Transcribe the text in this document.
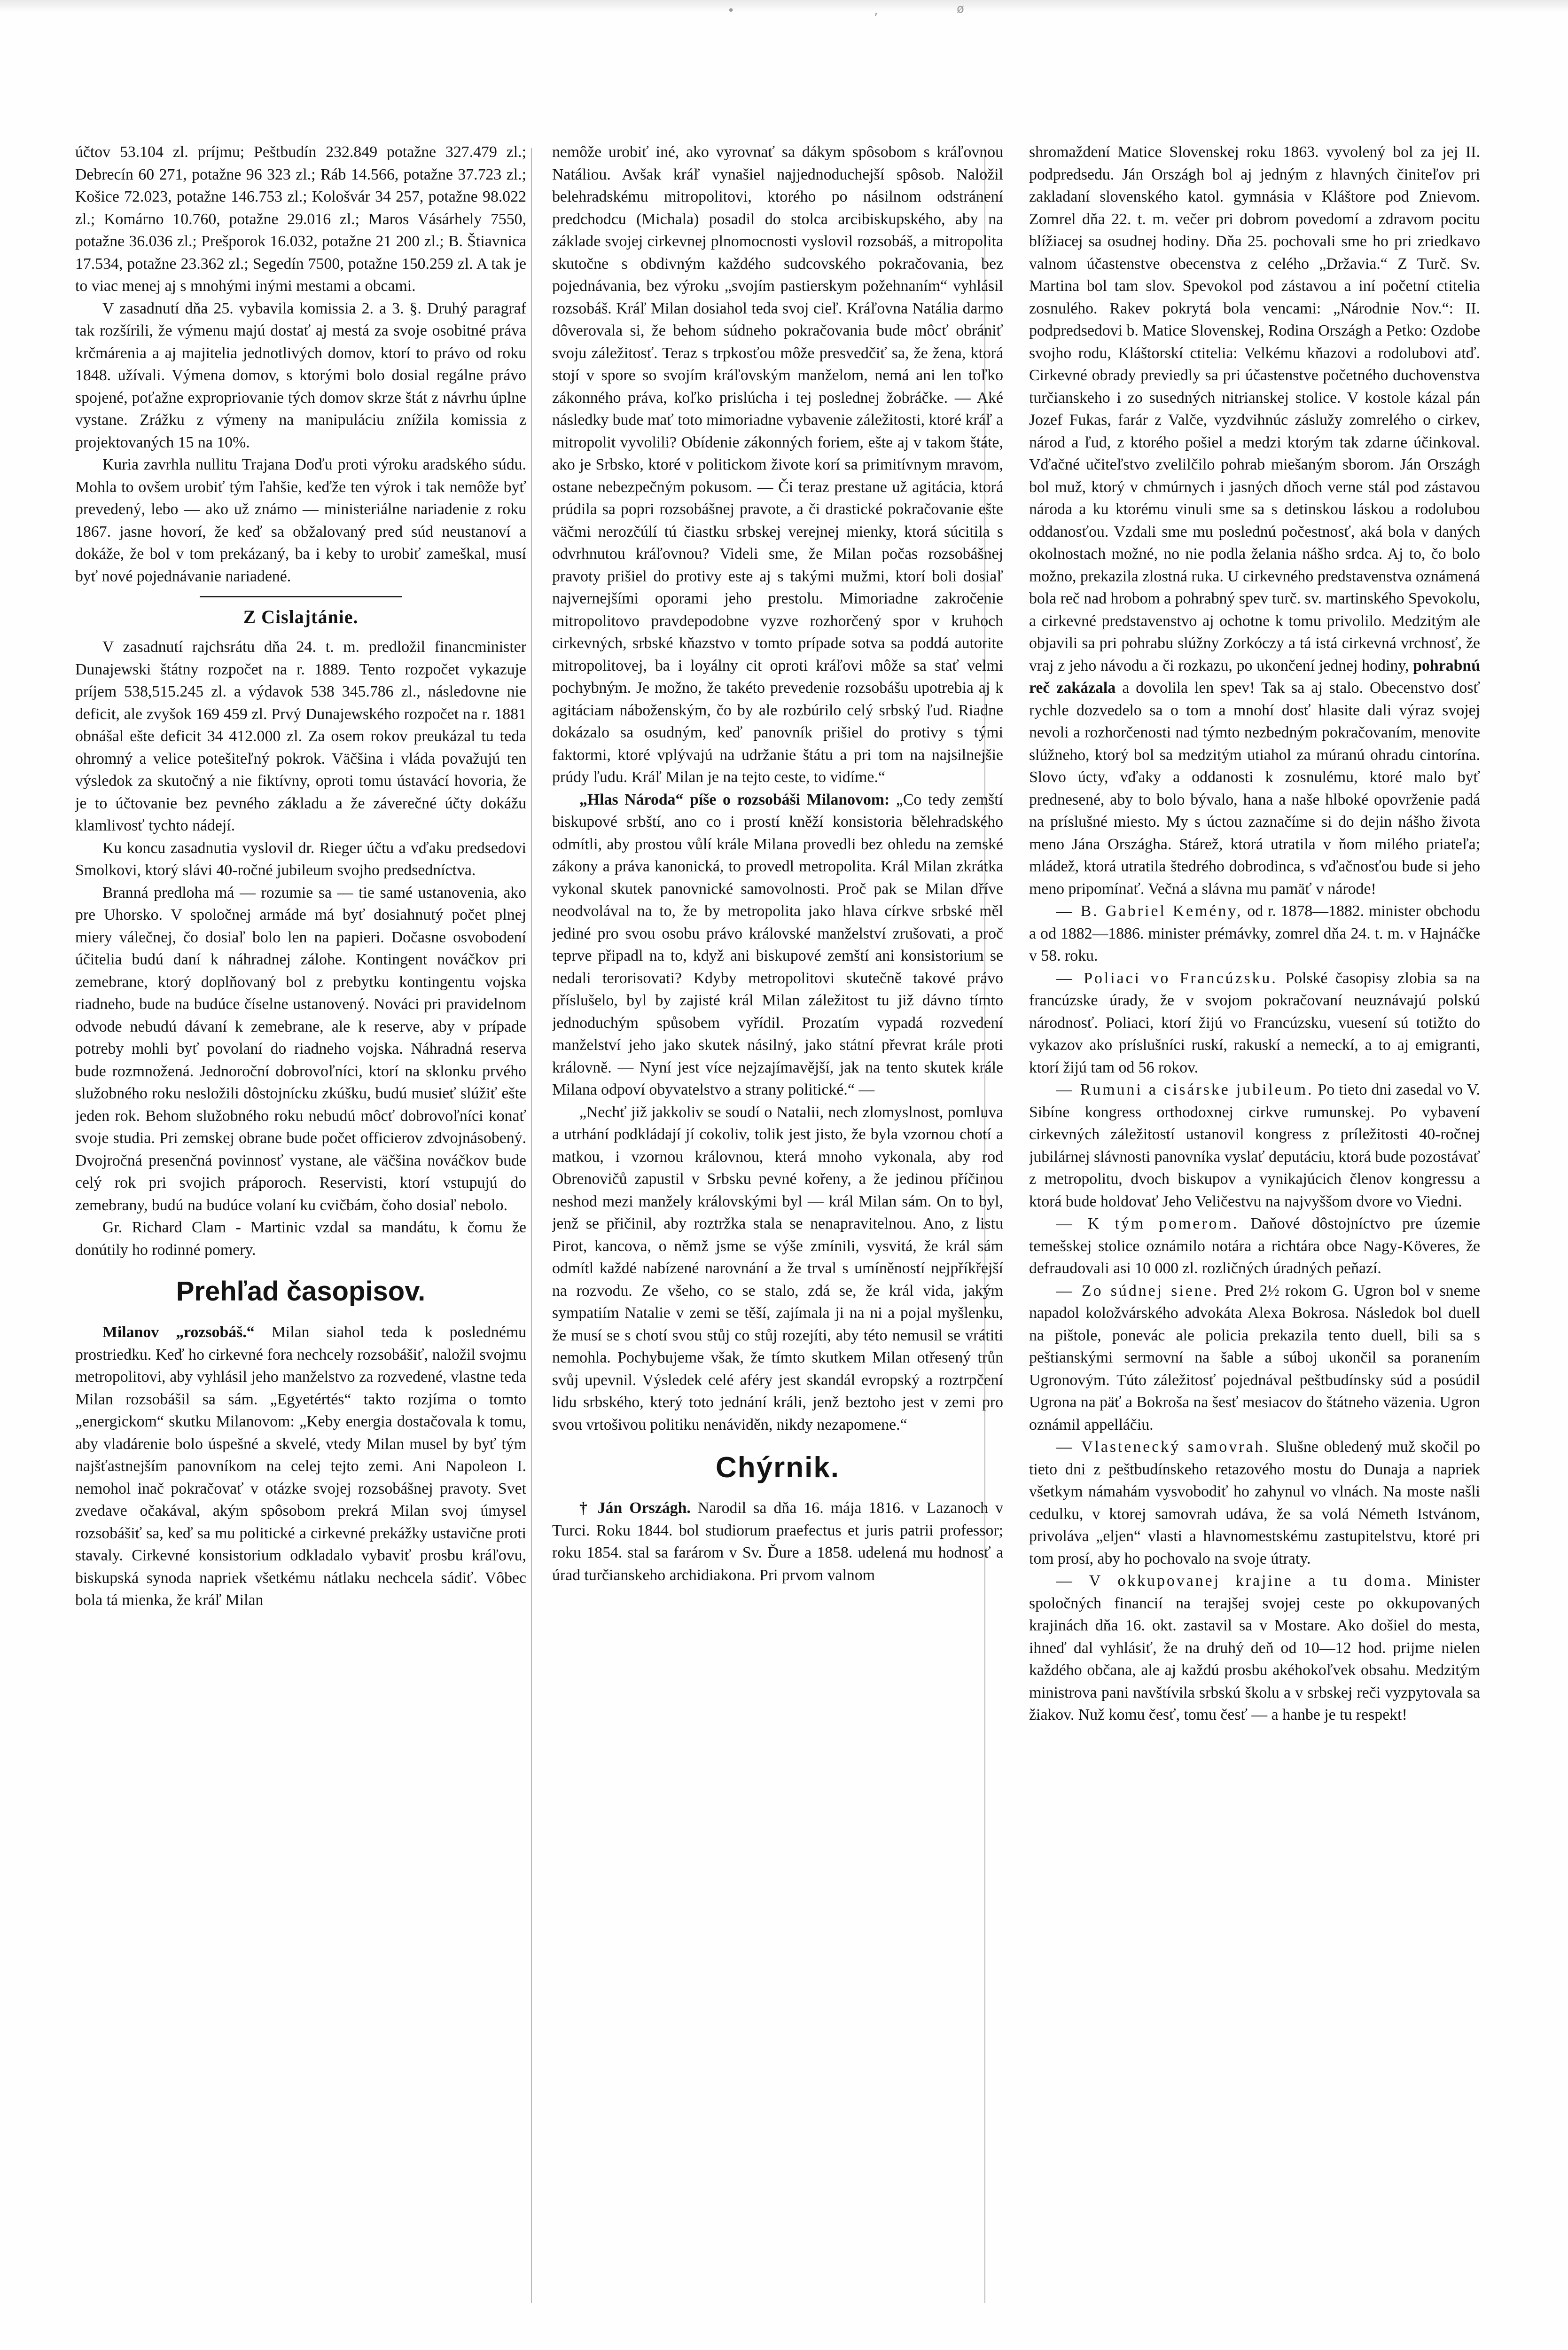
•	‚	ø

účtov 53.104 zl. príjmu; Peštbudín 232.849 potažne 327.479 zl.; Debrecín 60 271, potažne 96 323 zl.; Ráb 14.566, potažne 37.723 zl.; Košice 72.023, potažne 146.753 zl.; Kološvár 34 257, potažne 98.022 zl.; Komárno 10.760, potažne 29.016 zl.; Maros Vásárhely 7550, potažne 36.036 zl.; Prešporok 16.032, potažne 21 200 zl.; B. Štiavnica 17.534, potažne 23.362 zl.; Segedín 7500, potažne 150.259 zl. A tak je to viac menej aj s mnohými inými mestami a obcami.

V zasadnutí dňa 25. vybavila komissia 2. a 3. §. Druhý paragraf tak rozšírili, že výmenu majú dostať aj mestá za svoje osobitné práva krčmárenia a aj majitelia jednotlivých domov, ktorí to právo od roku 1848. užívali. Výmena domov, s ktorými bolo dosial regálne právo spojené, poťažne expropriovanie tých domov skrze štát z návrhu úplne vystane. Zrážku z výmeny na manipuláciu znížila komissia z projektovaných 15 na 10%.

Kuria zavrhla nullitu Trajana Doďu proti výroku aradského súdu. Mohla to ovšem urobiť tým ľahšie, keďže ten výrok i tak nemôže byť prevedený, lebo — ako už známo — ministeriálne nariadenie z roku 1867. jasne hovorí, že keď sa obžalovaný pred súd neustanoví a dokáže, že bol v tom prekázaný, ba i keby to urobiť zameškal, musí byť nové pojednávanie nariadené.

Z Cislajtánie.

V zasadnutí rajchsrátu dňa 24. t. m. predložil financminister Dunajewski štátny rozpočet na r. 1889. Tento rozpočet vykazuje príjem 538,515.245 zl. a výdavok 538 345.786 zl., následovne nie deficit, ale zvyšok 169 459 zl. Prvý Dunajewského rozpočet na r. 1881 obnášal ešte deficit 34 412.000 zl. Za osem rokov preukázal tu teda ohromný a velice potešiteľný pokrok. Väčšina i vláda považujú ten výsledok za skutočný a nie fiktívny, oproti tomu ústavácí hovoria, že je to účtovanie bez pevného základu a že záverečné účty dokážu klamlivosť tychto nádejí.

Ku koncu zasadnutia vyslovil dr. Rieger účtu a vďaku predsedovi Smolkovi, ktorý slávi 40-ročné jubileum svojho predsedníctva.

Branná predloha má — rozumie sa — tie samé ustanovenia, ako pre Uhorsko. V spoločnej armáde má byť dosiahnutý počet plnej miery válečnej, čo dosiaľ bolo len na papieri. Dočasne osvobodení účitelia budú daní k náhradnej zálohe. Kontingent nováčkov pri zemebrane, ktorý doplňovaný bol z prebytku kontingentu vojska riadneho, bude na budúce číselne ustanovený. Nováci pri pravidelnom odvode nebudú dávaní k zemebrane, ale k reserve, aby v prípade potreby mohli byť povolaní do riadneho vojska. Náhradná reserva bude rozmnožená. Jednoroční dobrovoľníci, ktorí na sklonku prvého služobného roku nesložili dôstojnícku zkúšku, budú musieť slúžiť ešte jeden rok. Behom služobného roku nebudú môcť dobrovoľníci konať svoje studia. Pri zemskej obrane bude počet officierov zdvojnásobený. Dvojročná presenčná povinnosť vystane, ale väčšina nováčkov bude celý rok pri svojich práporoch. Reservisti, ktorí vstupujú do zemebrany, budú na budúce volaní ku cvičbám, čoho dosiaľ nebolo.

Gr. Richard Clam - Martinic vzdal sa mandátu, k čomu že donútily ho rodinné pomery.

Prehľad časopisov.

Milanov „rozsobáš.“ Milan siahol teda k poslednému prostriedku. Keď ho cirkevné fora nechcely rozsobášiť, naložil svojmu metropolitovi, aby vyhlásil jeho manželstvo za rozvedené, vlastne teda Milan rozsobášil sa sám. „Egyetértés“ takto rozjíma o tomto „energickom“ skutku Milanovom: „Keby energia dostačovala k tomu, aby vladárenie bolo úspešné a skvelé, vtedy Milan musel by byť tým najšťastnejším panovníkom na celej tejto zemi. Ani Napoleon I. nemohol inač pokračovať v otázke svojej rozsobášnej pravoty. Svet zvedave očakával, akým spôsobom prekrá Milan svoj úmysel rozsobášiť sa, keď sa mu politické a cirkevné prekážky ustavične proti stavaly. Cirkevné konsistorium odkladalo vybaviť prosbu kráľovu, biskupská synoda napriek všetkému nátlaku nechcela sádiť. Vôbec bola tá mienka, že kráľ Milan

nemôže urobiť iné, ako vyrovnať sa dákym spôsobom s kráľovnou Natáliou. Avšak kráľ vynašiel najjednoduchejší spôsob. Naložil belehradskému mitropolitovi, ktorého po násilnom odstránení predchodcu (Michala) posadil do stolca arcibiskupského, aby na základe svojej cirkevnej plnomocnosti vyslovil rozsobáš, a mitropolita skutočne s obdivným každého sudcovského pokračovania, bez pojednávania, bez výroku „svojím pastierskym požehnaním“ vyhlásil rozsobáš. Kráľ Milan dosiahol teda svoj cieľ. Kráľovna Natália darmo dôverovala si, že behom súdneho pokračovania bude môcť obrániť svoju záležitosť. Teraz s trpkosťou môže presvedčiť sa, že žena, ktorá stojí v spore so svojím kráľovským manželom, nemá ani len toľko zákonného práva, koľko prislúcha i tej poslednej žobráčke. — Aké následky bude mať toto mimoriadne vybavenie záležitosti, ktoré kráľ a mitropolit vyvolili? Obídenie zákonných foriem, ešte aj v takom štáte, ako je Srbsko, ktoré v politickom živote korí sa primitívnym mravom, ostane nebezpečným pokusom. — Či teraz prestane už agitácia, ktorá prúdila sa popri rozsobášnej pravote, a či drastické pokračovanie ešte väčmi nerozčúlí tú čiastku srbskej verejnej mienky, ktorá súcitila s odvrhnutou kráľovnou? Videli sme, že Milan počas rozsobášnej pravoty prišiel do protivy este aj s takými mužmi, ktorí boli dosiaľ najvernejšími oporami jeho prestolu. Mimoriadne zakročenie mitropolitovo pravdepodobne vyzve rozhorčený spor v kruhoch cirkevných, srbské kňazstvo v tomto prípade sotva sa poddá autorite mitropolitovej, ba i loyálny cit oproti kráľovi môže sa stať velmi pochybným. Je možno, že takéto prevedenie rozsobášu upotrebia aj k agitáciam náboženským, čo by ale rozbúrilo celý srbský ľud. Riadne dokázalo sa osudným, keď panovník prišiel do protivy s tými faktormi, ktoré vplývajú na udržanie štátu a pri tom na najsilnejšie prúdy ľudu. Kráľ Milan je na tejto ceste, to vidíme.“

„Hlas Národa“ píše o rozsobáši Milanovom: „Co tedy zemští biskupové srbští, ano co i prostí kněží konsistoria bělehradského odmítli, aby prostou vůlí krále Milana provedli bez ohledu na zemské zákony a práva kanonická, to provedl metropolita. Král Milan zkrátka vykonal skutek panovnické samovolnosti. Proč pak se Milan dříve neodvolával na to, že by metropolita jako hlava církve srbské měl jediné pro svou osobu právo královské manželství zrušovati, a proč teprve připadl na to, když ani biskupové zemští ani konsistorium se nedali terorisovati? Kdyby metropolitovi skutečně takové právo příslušelo, byl by zajisté král Milan záležitost tu již dávno tímto jednoduchým spůsobem vyřídil. Prozatím vypadá rozvedení manželství jeho jako skutek násilný, jako státní převrat krále proti královně. — Nyní jest více nejzajímavější, jak na tento skutek krále Milana odpoví obyvatelstvo a strany politické.“ —

„Nechť již jakkoliv se soudí o Natalii, nech zlomyslnost, pomluva a utrhání podkládají jí cokoliv, tolik jest jisto, že byla vzornou chotí a matkou, i vzornou královnou, která mnoho vykonala, aby rod Obrenovičů zapustil v Srbsku pevné kořeny, a že jedinou příčinou neshod mezi manžely královskými byl — král Milan sám. On to byl, jenž se přičinil, aby roztržka stala se nenapravitelnou. Ano, z listu Pirot, kancova, o němž jsme se výše zmínili, vysvitá, že král sám odmítl každé nabízené narovnání a že trval s umíněností nejpříkřejší na rozvodu. Ze všeho, co se stalo, zdá se, že král vida, jakým sympatiím Natalie v zemi se těší, zajímala ji na ni a pojal myšlenku, že musí se s chotí svou stůj co stůj rozejíti, aby této nemusil se vrátiti nemohla. Pochybujeme však, že tímto skutkem Milan otřesený trůn svůj upevnil. Výsledek celé aféry jest skandál evropský a roztrpčení lidu srbského, který toto jednání králi, jenž beztoho jest v zemi pro svou vrtošivou politiku nenáviděn, nikdy nezapomene.“

Chýrnik.

† Ján Országh. Narodil sa dňa 16. mája 1816. v Lazanoch v Turci. Roku 1844. bol studiorum praefectus et juris patrii professor; roku 1854. stal sa farárom v Sv. Ďure a 1858. udelená mu hodnosť a úrad turčianskeho archidiakona. Pri prvom valnom

shromaždení Matice Slovenskej roku 1863. vyvolený bol za jej II. podpredsedu. Ján Országh bol aj jedným z hlavných činiteľov pri zakladaní slovenského katol. gymnásia v Kláštore pod Znievom. Zomrel dňa 22. t. m. večer pri dobrom povedomí a zdravom pocitu blížiacej sa osudnej hodiny. Dňa 25. pochovali sme ho pri zriedkavo valnom účastenstve obecenstva z celého „Državia.“ Z Turč. Sv. Martina bol tam slov. Spevokol pod zástavou a iní početní ctitelia zosnulého. Rakev pokrytá bola vencami: „Národnie Nov.“: II. podpredsedovi b. Matice Slovenskej, Rodina Országh a Petko: Ozdobe svojho rodu, Kláštorskí ctitelia: Velkému kňazovi a rodolubovi atď. Cirkevné obrady previedly sa pri účastenstve početného duchovenstva turčianskeho i zo susedných nitrianskej stolice. V kostole kázal pán Jozef Fukas, farár z Valče, vyzdvihnúc záslužy zomrelého o cirkev, národ a ľud, z ktorého pošiel a medzi ktorým tak zdarne účinkoval. Vďačné učiteľstvo zvelilčilo pohrab miešaným sborom. Ján Országh bol muž, ktorý v chmúrnych i jasných dňoch verne stál pod zástavou národa a ku ktorému vinuli sme sa s detinskou láskou a rodolubou oddanosťou. Vzdali sme mu poslednú počestnosť, aká bola v daných okolnostach možné, no nie podla želania nášho srdca. Aj to, čo bolo možno, prekazila zlostná ruka. U cirkevného predstavenstva oznámená bola reč nad hrobom a pohrabný spev turč. sv. martinského Spevokolu, a cirkevné predstavenstvo aj ochotne k tomu privolilo. Medzitým ale objavili sa pri pohrabu slúžny Zorkóczy a tá istá cirkevná vrchnosť, že vraj z jeho návodu a či rozkazu, po ukončení jednej hodiny, pohrabnú reč zakázala a dovolila len spev! Tak sa aj stalo. Obecenstvo dosť rychle dozvedelo sa o tom a mnohí dosť hlasite dali výraz svojej nevoli a rozhorčenosti nad týmto nezbedným pokračovaním, menovite slúžneho, ktorý bol sa medzitým utiahol za múranú ohradu cintorína. Slovo úcty, vďaky a oddanosti k zosnulému, ktoré malo byť prednesené, aby to bolo bývalo, hana a naše hlboké opovrženie padá na príslušné miesto. My s úctou zaznačíme si do dejin nášho života meno Jána Országha. Stárež, ktorá utratila v ňom milého priateľa; mládež, ktorá utratila štedrého dobrodinca, s vďačnosťou bude si jeho meno pripomínať. Večná a slávna mu pamäť v národe!

— B. Gabriel Kemény, od r. 1878—1882. minister obchodu a od 1882—1886. minister prémávky, zomrel dňa 24. t. m. v Hajnáčke v 58. roku.

— Poliaci vo Francúzsku. Polské časopisy zlobia sa na francúzske úrady, že v svojom pokračovaní neuznávajú polskú národnosť. Poliaci, ktorí žijú vo Francúzsku, vuesení sú totižto do vykazov ako príslušníci ruskí, rakuskí a nemeckí, a to aj emigranti, ktorí žijú tam od 56 rokov.

— Rumuni a cisárske jubileum. Po tieto dni zasedal vo V. Sibíne kongress orthodoxnej cirkve rumunskej. Po vybavení cirkevných záležitostí ustanovil kongress z príležitosti 40-ročnej jubilárnej slávnosti panovníka vyslať deputáciu, ktorá bude pozostávať z metropolitu, dvoch biskupov a vynikajúcich členov kongressu a ktorá bude holdovať Jeho Veličestvu na najvyššom dvore vo Viedni.

— K tým pomerom. Daňové dôstojníctvo pre územie temešskej stolice oznámilo notára a richtára obce Nagy-Köveres, že defraudovali asi 10 000 zl. rozličných úradných peňazí.

— Zo súdnej siene. Pred 2½ rokom G. Ugron bol v sneme napadol koložvárského advokáta Alexa Bokrosa. Následok bol duell na pištole, ponevác ale policia prekazila tento duell, bili sa s peštianskými sermovní na šable a súboj ukončil sa poranením Ugronovým. Túto záležitosť pojednával peštbudínsky súd a posúdil Ugrona na päť a Bokroša na šesť mesiacov do štátneho väzenia. Ugron oznámil appelláčiu.

— Vlastenecký samovrah. Slušne obledený muž skočil po tieto dni z peštbudínskeho retazového mostu do Dunaja a napriek všetkym námahám vysvobodiť ho zahynul vo vlnách. Na moste našli cedulku, v ktorej samovrah udáva, že sa volá Németh Istvánom, privoláva „eljen“ vlasti a hlavnomestskému zastupitelstvu, ktoré pri tom prosí, aby ho pochovalo na svoje útraty.

— V okkupovanej krajine a tu doma. Minister spoločných financií na terajšej svojej ceste po okkupovaných krajinách dňa 16. okt. zastavil sa v Mostare. Ako došiel do mesta, ihneď dal vyhlásiť, že na druhý deň od 10—12 hod. prijme nielen každého občana, ale aj každú prosbu akéhokoľvek obsahu. Medzitým ministrova pani navštívila srbskú školu a v srbskej reči vyzpytovala sa žiakov. Nuž komu česť, tomu česť — a hanbe je tu respekt!
